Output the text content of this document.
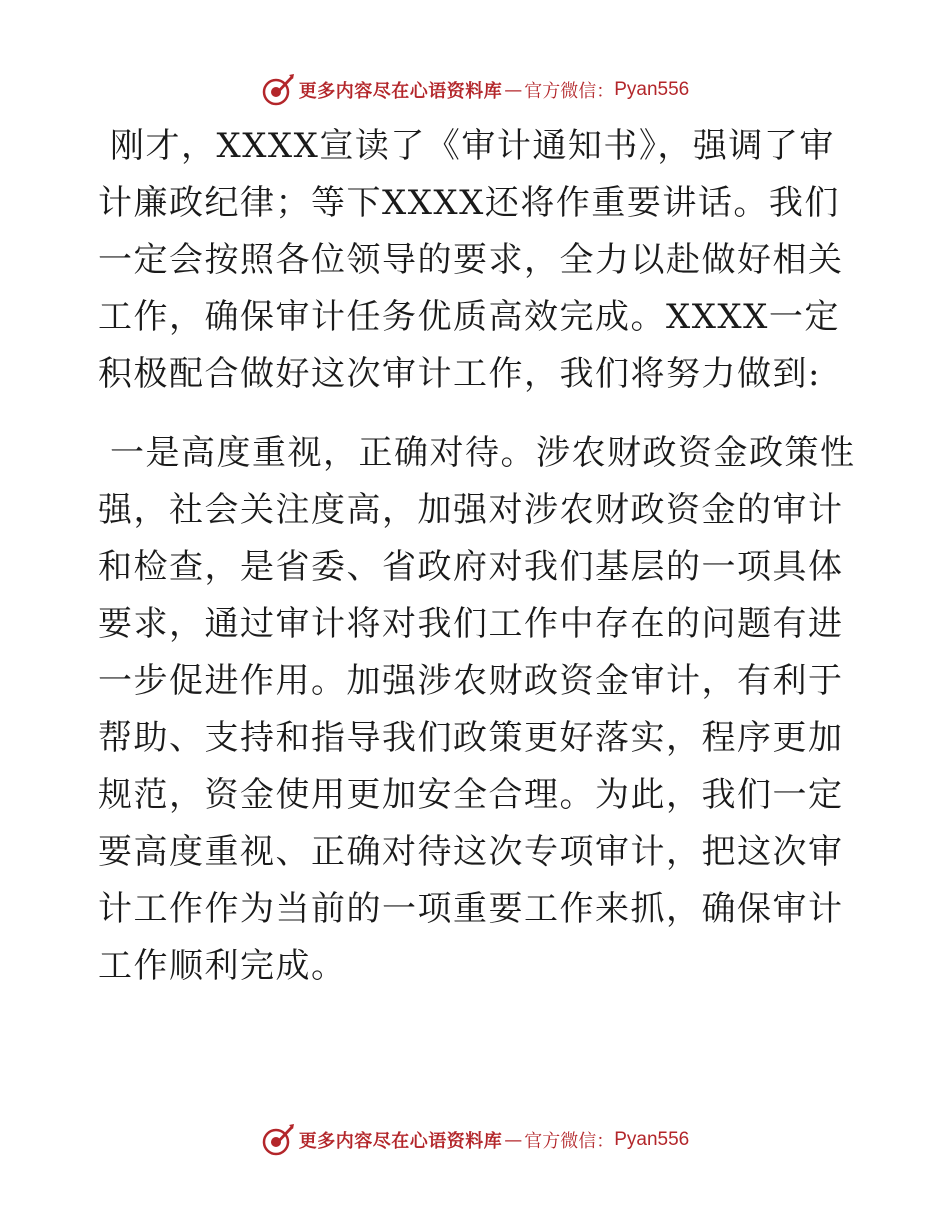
更多内容尽在心语资料库 — 官方微信： Pyan556

刚才，XXXX宣读了《审计通知书》，强调了审计廉政纪律；等下XXXX还将作重要讲话。我们一定会按照各位领导的要求，全力以赴做好相关工作，确保审计任务优质高效完成。XXXX一定积极配合做好这次审计工作，我们将努力做到:

一是高度重视，正确对待。涉农财政资金政策性强，社会关注度高，加强对涉农财政资金的审计和检查，是省委、省政府对我们基层的一项具体要求，通过审计将对我们工作中存在的问题有进一步促进作用。加强涉农财政资金审计，有利于帮助、支持和指导我们政策更好落实，程序更加规范，资金使用更加安全合理。为此，我们一定要高度重视、正确对待这次专项审计，把这次审计工作作为当前的一项重要工作来抓，确保审计工作顺利完成。

更多内容尽在心语资料库 — 官方微信： Pyan556
